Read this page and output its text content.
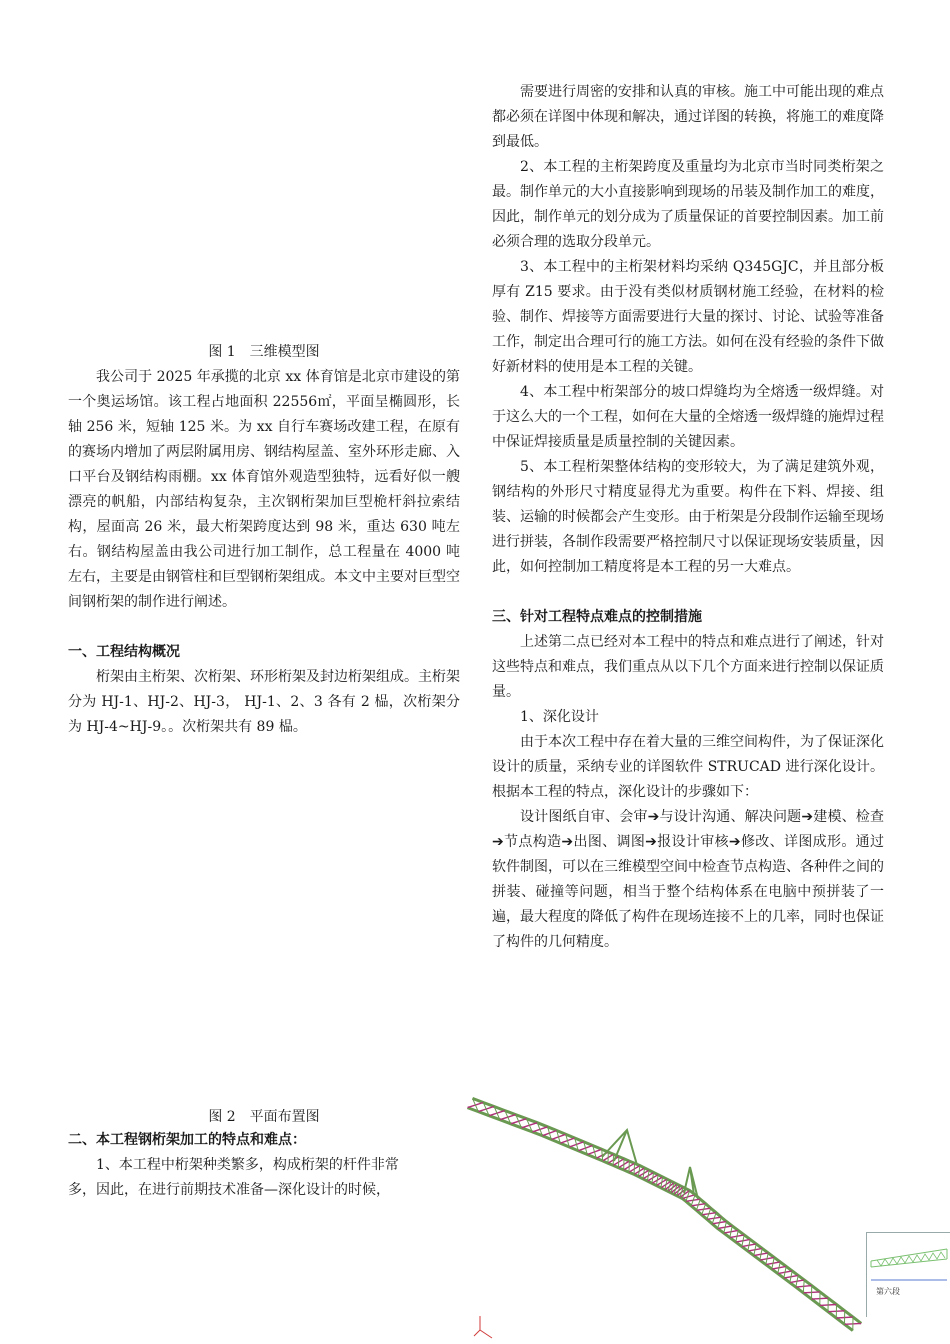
图 1　三维模型图

我公司于 2025 年承揽的北京 xx 体育馆是北京市建设的第一个奥运场馆。该工程占地面积 22556㎡，平面呈椭圆形，长轴 256 米，短轴 125 米。为 xx 自行车赛场改建工程，在原有的赛场内增加了两层附属用房、钢结构屋盖、室外环形走廊、入口平台及钢结构雨棚。xx 体育馆外观造型独特，远看好似一艘漂亮的帆船，内部结构复杂，主次钢桁架加巨型桅杆斜拉索结构，屋面高 26 米，最大桁架跨度达到 98 米，重达 630 吨左右。钢结构屋盖由我公司进行加工制作，总工程量在 4000 吨左右，主要是由钢管柱和巨型钢桁架组成。本文中主要对巨型空间钢桁架的制作进行阐述。

一、工程结构概况

桁架由主桁架、次桁架、环形桁架及封边桁架组成。主桁架分为 HJ-1、HJ-2、HJ-3， HJ-1、2、3 各有 2 榀，次桁架分为 HJ-4~HJ-9。。次桁架共有 89 榀。

图 2　平面布置图

二、本工程钢桁架加工的特点和难点：

1、本工程中桁架种类繁多，构成桁架的杆件非常

多，因此，在进行前期技术准备—深化设计的时候，

需要进行周密的安排和认真的审核。施工中可能出现的难点都必须在详图中体现和解决，通过详图的转换，将施工的难度降到最低。

2、本工程的主桁架跨度及重量均为北京市当时同类桁架之最。制作单元的大小直接影响到现场的吊装及制作加工的难度，因此，制作单元的划分成为了质量保证的首要控制因素。加工前必须合理的选取分段单元。

3、本工程中的主桁架材料均采纳 Q345GJC，并且部分板厚有 Z15 要求。由于没有类似材质钢材施工经验，在材料的检验、制作、焊接等方面需要进行大量的探讨、讨论、试验等准备工作，制定出合理可行的施工方法。如何在没有经验的条件下做好新材料的使用是本工程的关键。

4、本工程中桁架部分的坡口焊缝均为全熔透一级焊缝。对于这么大的一个工程，如何在大量的全熔透一级焊缝的施焊过程中保证焊接质量是质量控制的关键因素。

5、本工程桁架整体结构的变形较大，为了满足建筑外观，钢结构的外形尺寸精度显得尤为重要。构件在下料、焊接、组装、运输的时候都会产生变形。由于桁架是分段制作运输至现场进行拼装，各制作段需要严格控制尺寸以保证现场安装质量，因此，如何控制加工精度将是本工程的另一大难点。

三、针对工程特点难点的控制措施

上述第二点已经对本工程中的特点和难点进行了阐述，针对这些特点和难点，我们重点从以下几个方面来进行控制以保证质量。

1、深化设计

由于本次工程中存在着大量的三维空间构件，为了保证深化设计的质量，采纳专业的详图软件 STRUCAD 进行深化设计。根据本工程的特点，深化设计的步骤如下：

设计图纸自审、会审➔与设计沟通、解决问题➔建模、检查➔节点构造➔出图、调图➔报设计审核➔修改、详图成形。通过软件制图，可以在三维模型空间中检查节点构造、各种件之间的拼装、碰撞等问题，相当于整个结构体系在电脑中预拼装了一遍，最大程度的降低了构件在现场连接不上的几率，同时也保证了构件的几何精度。

第六段
